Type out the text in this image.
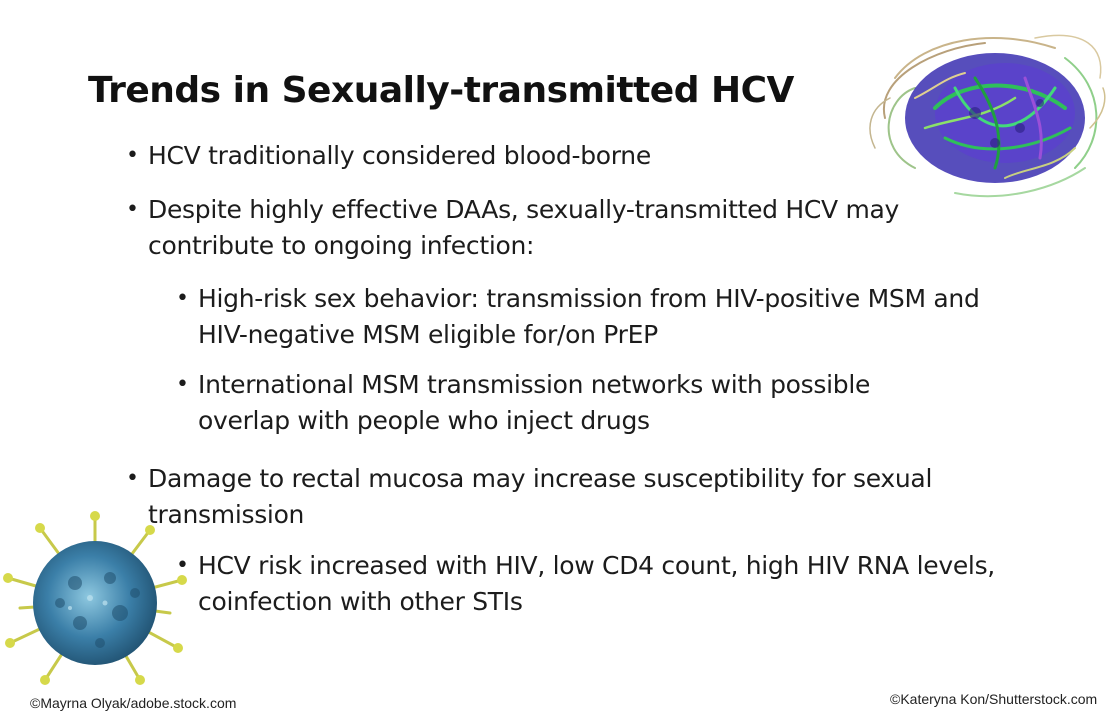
Trends in Sexually-transmitted HCV
• HCV traditionally considered blood-borne
• Despite highly effective DAAs, sexually-transmitted HCV may contribute to ongoing infection:
• High-risk sex behavior: transmission from HIV-positive MSM and HIV-negative MSM eligible for/on PrEP
• International MSM transmission networks with possible overlap with people who inject drugs
• Damage to rectal mucosa may increase susceptibility for sexual transmission
• HCV risk increased with HIV, low CD4 count, high HIV RNA levels, coinfection with other STIs
©Mayrna Olyak/adobe.stock.com	©Kateryna Kon/Shutterstock.com
